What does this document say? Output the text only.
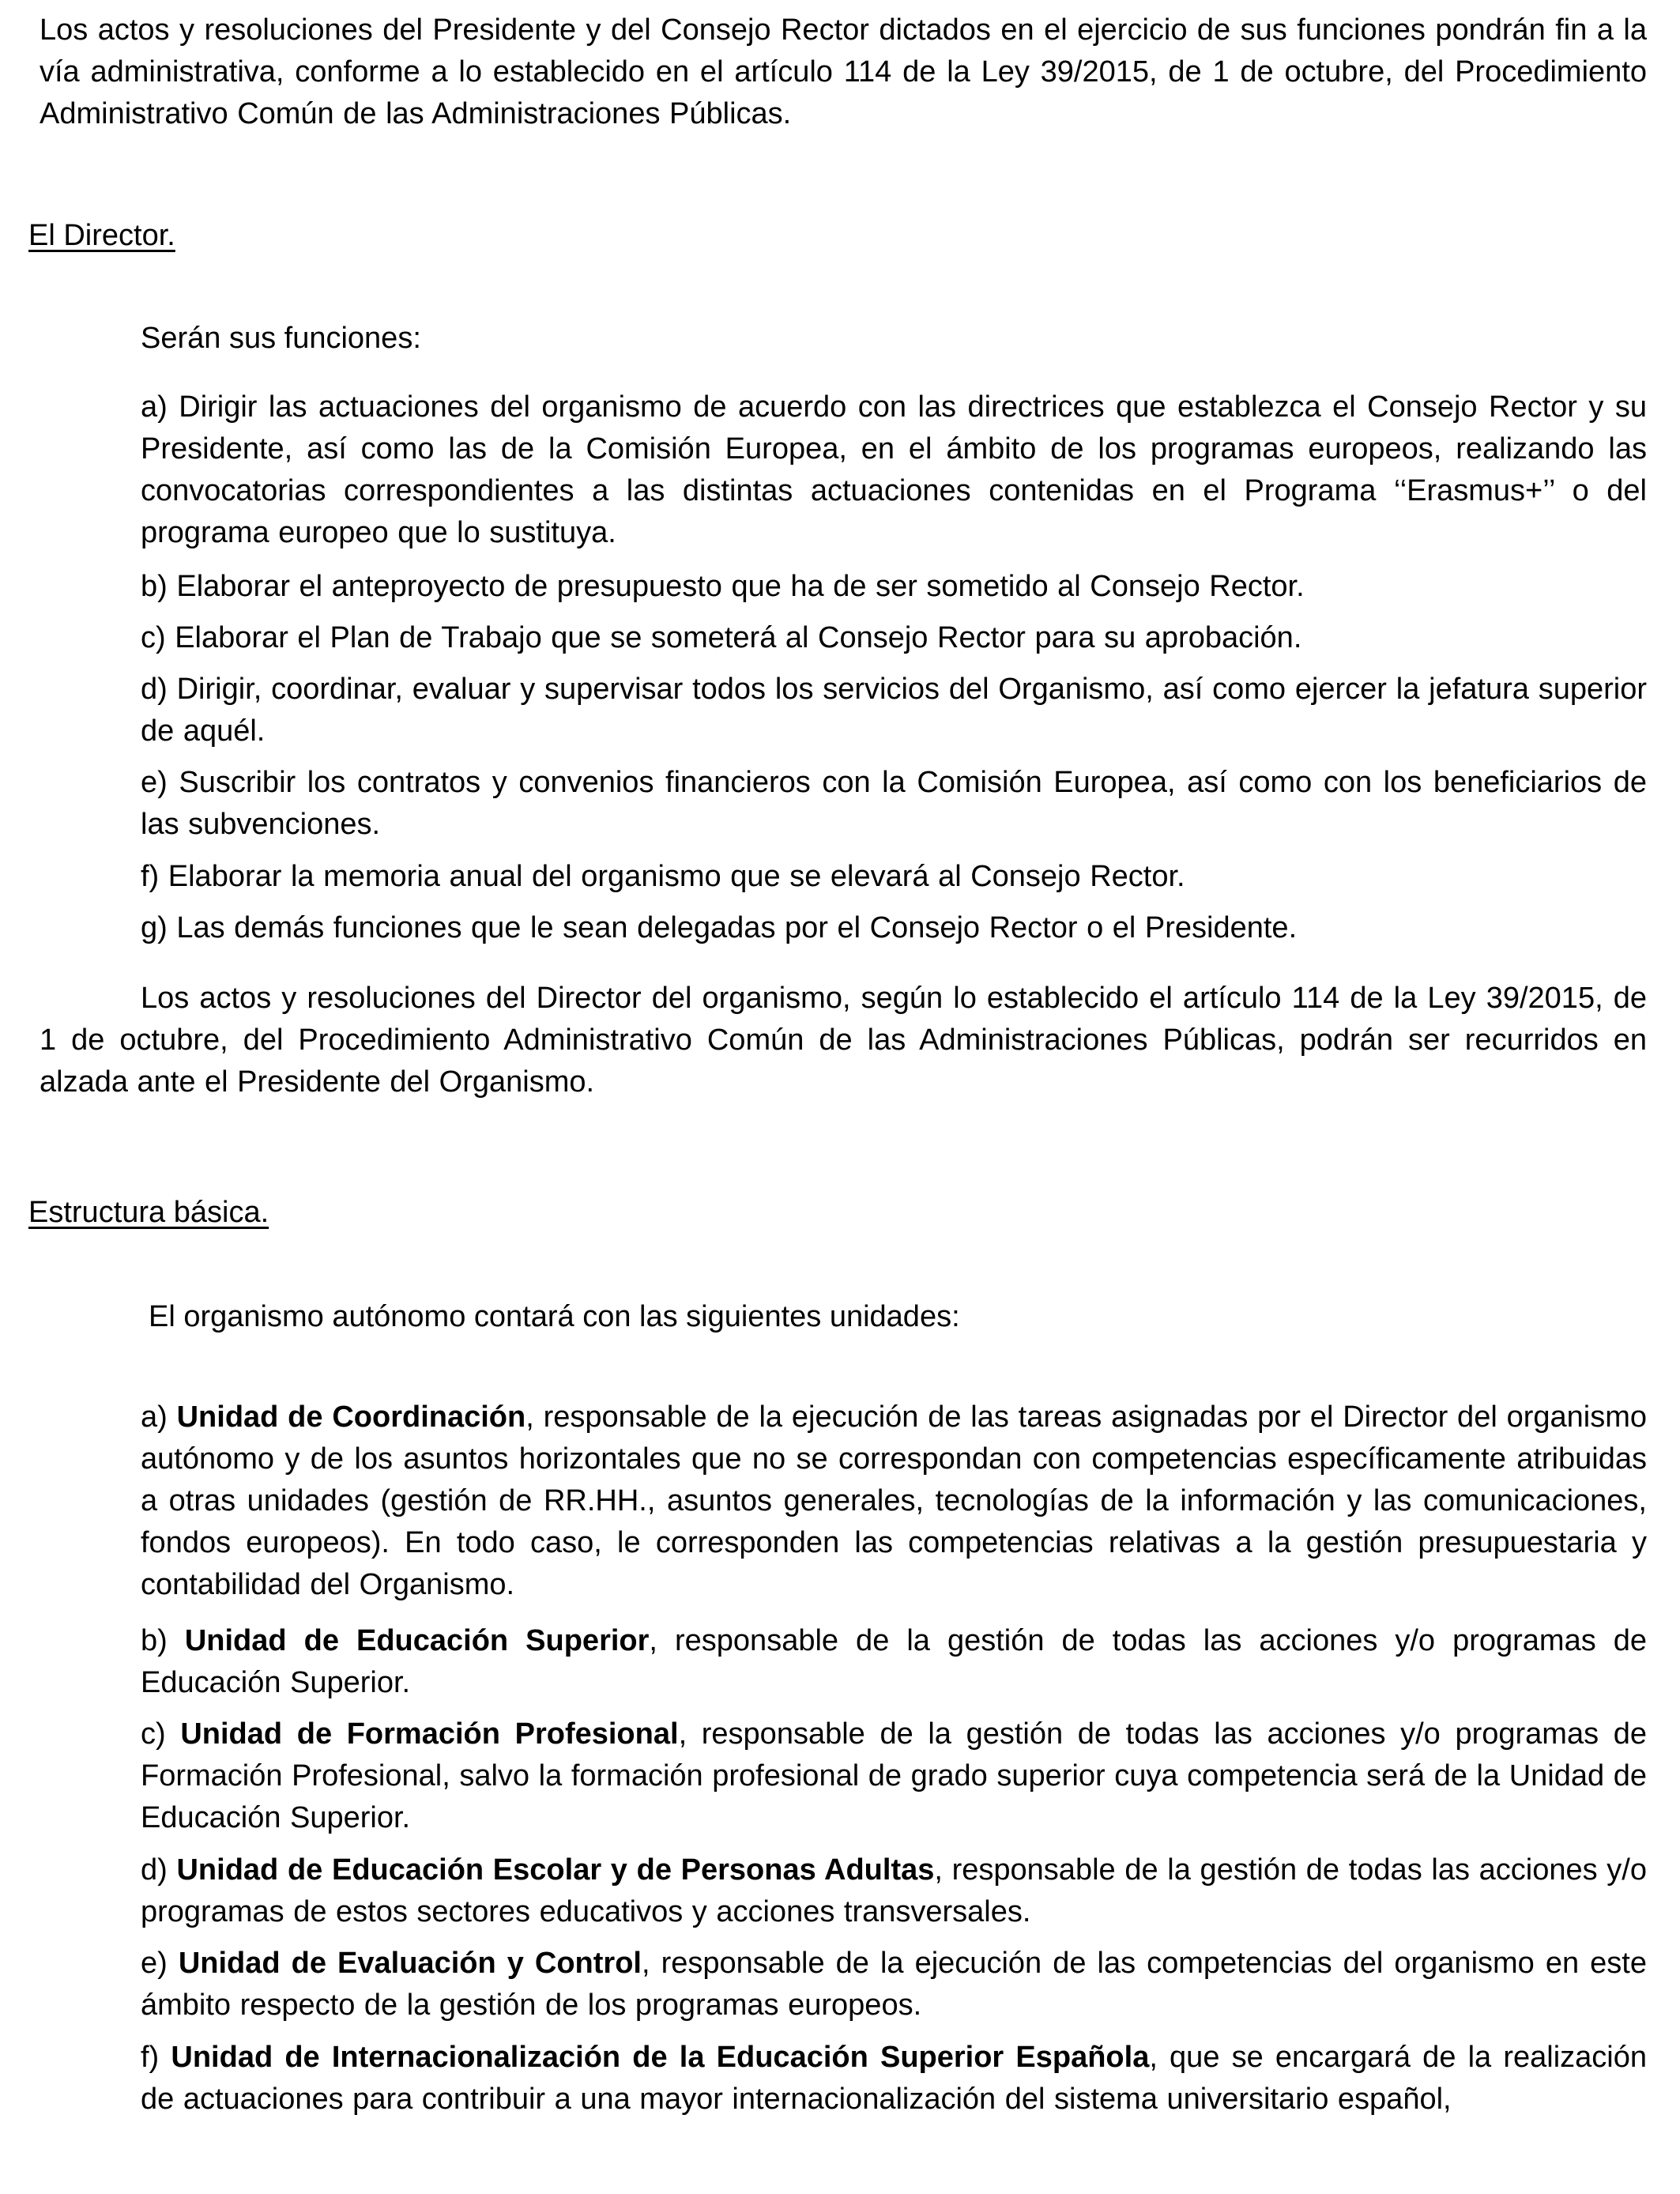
Los actos y resoluciones del Presidente y del Consejo Rector dictados en el ejercicio de sus funciones pondrán fin a la vía administrativa, conforme a lo establecido en el artículo 114 de la Ley 39/2015, de 1 de octubre, del Procedimiento Administrativo Común de las Administraciones Públicas.

El Director.

Serán sus funciones:

a) Dirigir las actuaciones del organismo de acuerdo con las directrices que establezca el Consejo Rector y su Presidente, así como las de la Comisión Europea, en el ámbito de los programas europeos, realizando las convocatorias correspondientes a las distintas actuaciones contenidas en el Programa ‘‘Erasmus+’’ o del programa europeo que lo sustituya.

b) Elaborar el anteproyecto de presupuesto que ha de ser sometido al Consejo Rector.

c) Elaborar el Plan de Trabajo que se someterá al Consejo Rector para su aprobación.

d) Dirigir, coordinar, evaluar y supervisar todos los servicios del Organismo, así como ejercer la jefatura superior de aquél.

e) Suscribir los contratos y convenios financieros con la Comisión Europea, así como con los beneficiarios de las subvenciones.

f) Elaborar la memoria anual del organismo que se elevará al Consejo Rector.

g) Las demás funciones que le sean delegadas por el Consejo Rector o el Presidente.

Los actos y resoluciones del Director del organismo, según lo establecido el artículo 114 de la Ley 39/2015, de 1 de octubre, del Procedimiento Administrativo Común de las Administraciones Públicas, podrán ser recurridos en alzada ante el Presidente del Organismo.

Estructura básica.

El organismo autónomo contará con las siguientes unidades:

a) Unidad de Coordinación, responsable de la ejecución de las tareas asignadas por el Director del organismo autónomo y de los asuntos horizontales que no se correspondan con competencias específicamente atribuidas a otras unidades (gestión de RR.HH., asuntos generales, tecnologías de la información y las comunicaciones, fondos europeos). En todo caso, le corresponden las competencias relativas a la gestión presupuestaria y contabilidad del Organismo.

b) Unidad de Educación Superior, responsable de la gestión de todas las acciones y/o programas de Educación Superior.

c) Unidad de Formación Profesional, responsable de la gestión de todas las acciones y/o programas de Formación Profesional, salvo la formación profesional de grado superior cuya competencia será de la Unidad de Educación Superior.

d) Unidad de Educación Escolar y de Personas Adultas, responsable de la gestión de todas las acciones y/o programas de estos sectores educativos y acciones transversales.

e) Unidad de Evaluación y Control, responsable de la ejecución de las competencias del organismo en este ámbito respecto de la gestión de los programas europeos.

f) Unidad de Internacionalización de la Educación Superior Española, que se encargará de la realización de actuaciones para contribuir a una mayor internacionalización del sistema universitario español,
